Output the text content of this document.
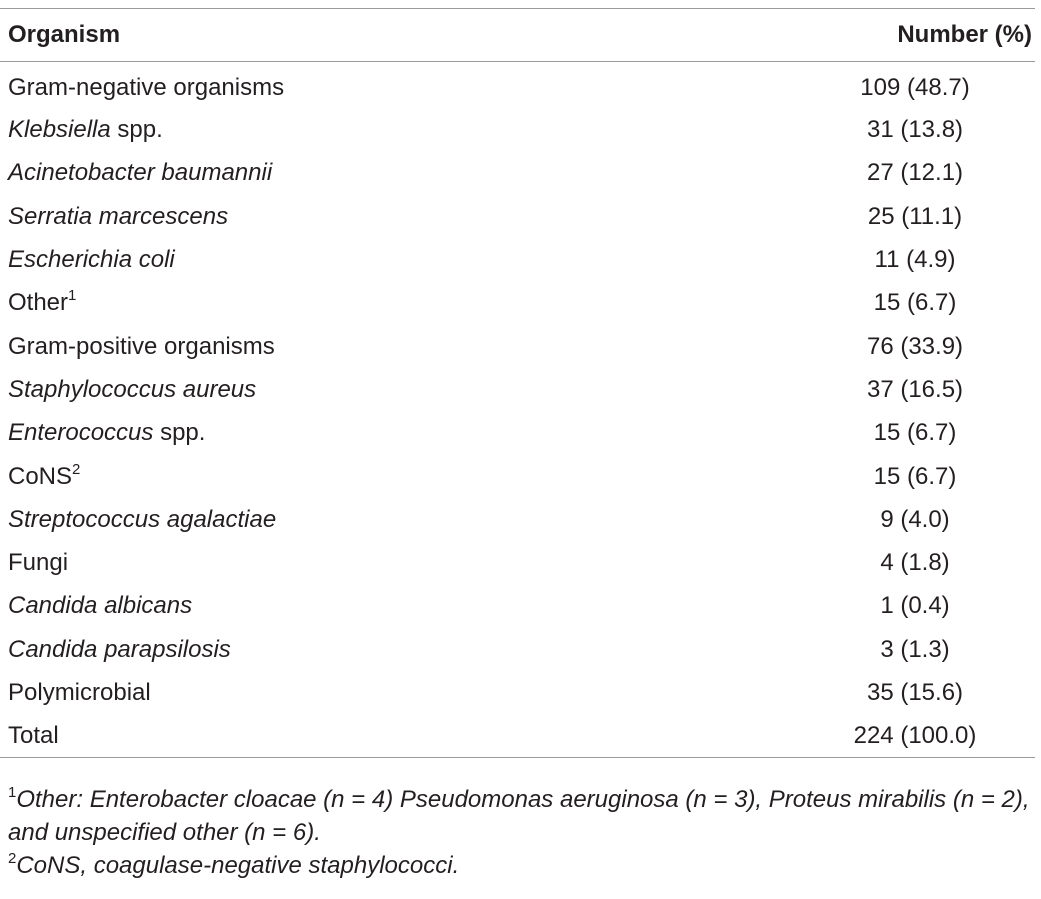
Organism	Number (%)
Gram-negative organisms	109 (48.7)
Klebsiella spp.	31 (13.8)
Acinetobacter baumannii	27 (12.1)
Serratia marcescens	25 (11.1)
Escherichia coli	11 (4.9)
Other$^1$	15 (6.7)
Gram-positive organisms	76 (33.9)
Staphylococcus aureus	37 (16.5)
Enterococcus spp.	15 (6.7)
CoNS$^2$	15 (6.7)
Streptococcus agalactiae	9 (4.0)
Fungi	4 (1.8)
Candida albicans	1 (0.4)
Candida parapsilosis	3 (1.3)
Polymicrobial	35 (15.6)
Total	224 (100.0)
$^1$Other: Enterobacter cloacae (n = 4) Pseudomonas aeruginosa (n = 3), Proteus mirabilis (n = 2), and unspecified other (n = 6).
$^2$CoNS, coagulase-negative staphylococci.
